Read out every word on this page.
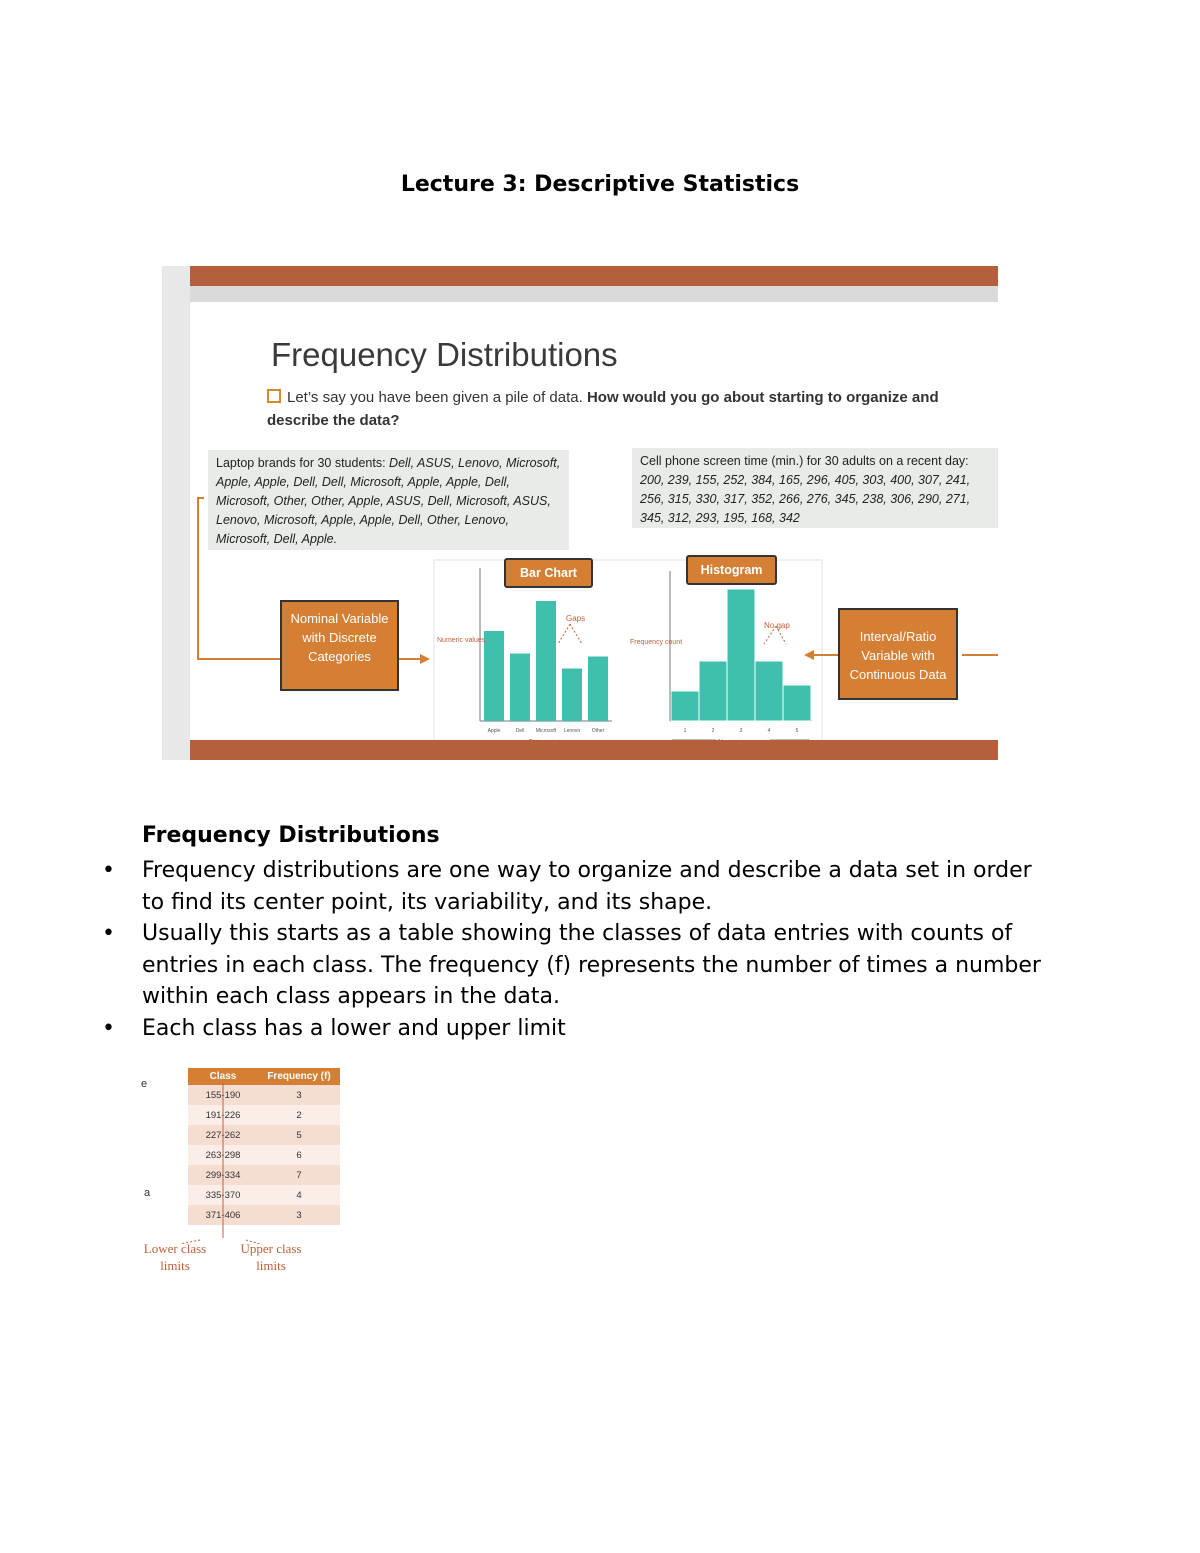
Lecture 3: Descriptive Statistics
Frequency Distributions
Let’s say you have been given a pile of data. How would you go about starting to organize and describe the data?
Laptop brands for 30 students: Dell, ASUS, Lenovo, Microsoft, Apple, Apple, Dell, Dell, Microsoft, Apple, Apple, Dell, Microsoft, Other, Other, Apple, ASUS, Dell, Microsoft, ASUS, Lenovo, Microsoft, Apple, Apple, Dell, Other, Lenovo, Microsoft, Dell, Apple.
Cell phone screen time (min.) for 30 adults on a recent day: 200, 239, 155, 252, 384, 165, 296, 405, 303, 400, 307, 241, 256, 315, 330, 317, 352, 266, 276, 345, 238, 306, 290, 271, 345, 312, 293, 195, 168, 342
Apple	Dell Microsoft Lenovo Other	1	2	3	4	5
Gaps
No gap
Numeric values	Frequency count
Nominal Variable with Discrete Categories
Interval/Ratio Variable with Continuous Data
Bar Chart	Histogram
Frequency Distributions
• Frequency distributions are one way to organize and describe a data set in order to find its center point, its variability, and its shape.
• Usually this starts as a table showing the classes of data entries with counts of entries in each class. The frequency (f) represents the number of times a number within each class appears in the data.
• Each class has a lower and upper limit
e
a
Class	Frequency (f)
155-190	3
191-226	2
227-262	5
263-298	6
299-334	7
335-370	4
371-406	3
Lower class limits
Upper class limits
